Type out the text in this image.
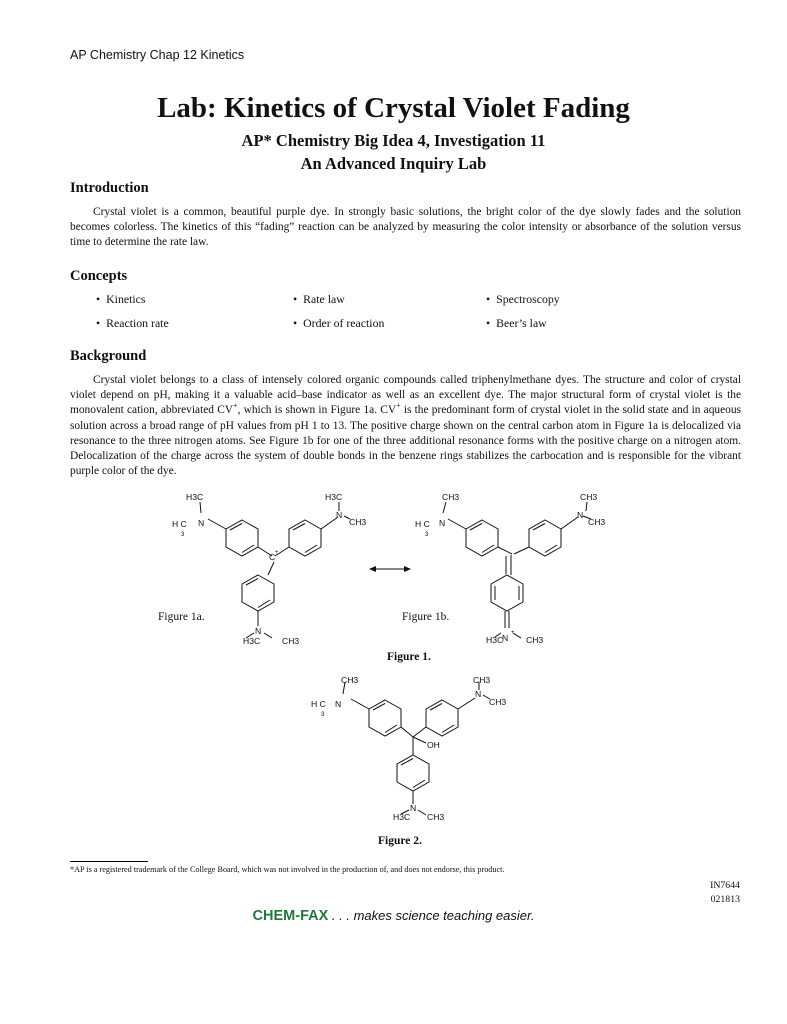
AP Chemistry Chap 12 Kinetics
Lab: Kinetics of Crystal Violet Fading
AP* Chemistry Big Idea 4, Investigation 11
An Advanced Inquiry Lab
Introduction

Crystal violet is a common, beautiful purple dye. In strongly basic solutions, the bright color of the dye slowly fades and the solution becomes colorless. The kinetics of this “fading” reaction can be analyzed by measuring the color intensity or absorbance of the solution versus time to determine the rate law.

Concepts
• Kinetics	• Rate law	• Spectroscopy
• Reaction rate	• Order of reaction	• Beer’s law
Background

Crystal violet belongs to a class of intensely colored organic compounds called triphenylmethane dyes. The structure and color of crystal violet depend on pH, making it a valuable acid–base indicator as well as an excellent dye. The major structural form of crystal violet is the monovalent cation, abbreviated CV+, which is shown in Figure 1a. CV+ is the predominant form of crystal violet in the solid state and in aqueous solution across a broad range of pH values from pH 1 to 13. The positive charge shown on the central carbon atom in Figure 1a is delocalized via resonance to the three nitrogen atoms. See Figure 1b for one of the three additional resonance forms with the positive charge on a nitrogen atom. Delocalization of the charge across the system of double bonds in the benzene rings stabilizes the carbocation and is responsible for the vibrant purple color of the dye.

H3C
H C
3
N
H3C
N
CH3
C +
N
H3C	CH3
Figure 1a.
CH3
H C
3
N
CH3
N
CH3
N +
H3C	CH3
Figure 1b.
Figure 1.
CH3
H C
3
N
CH3
N
CH3
OH
N
H3C CH3
Figure 2.
*AP is a registered trademark of the College Board, which was not involved in the production of, and does not endorse, this product.
IN7644
021813
CHEM-FAX . . . makes science teaching easier.
